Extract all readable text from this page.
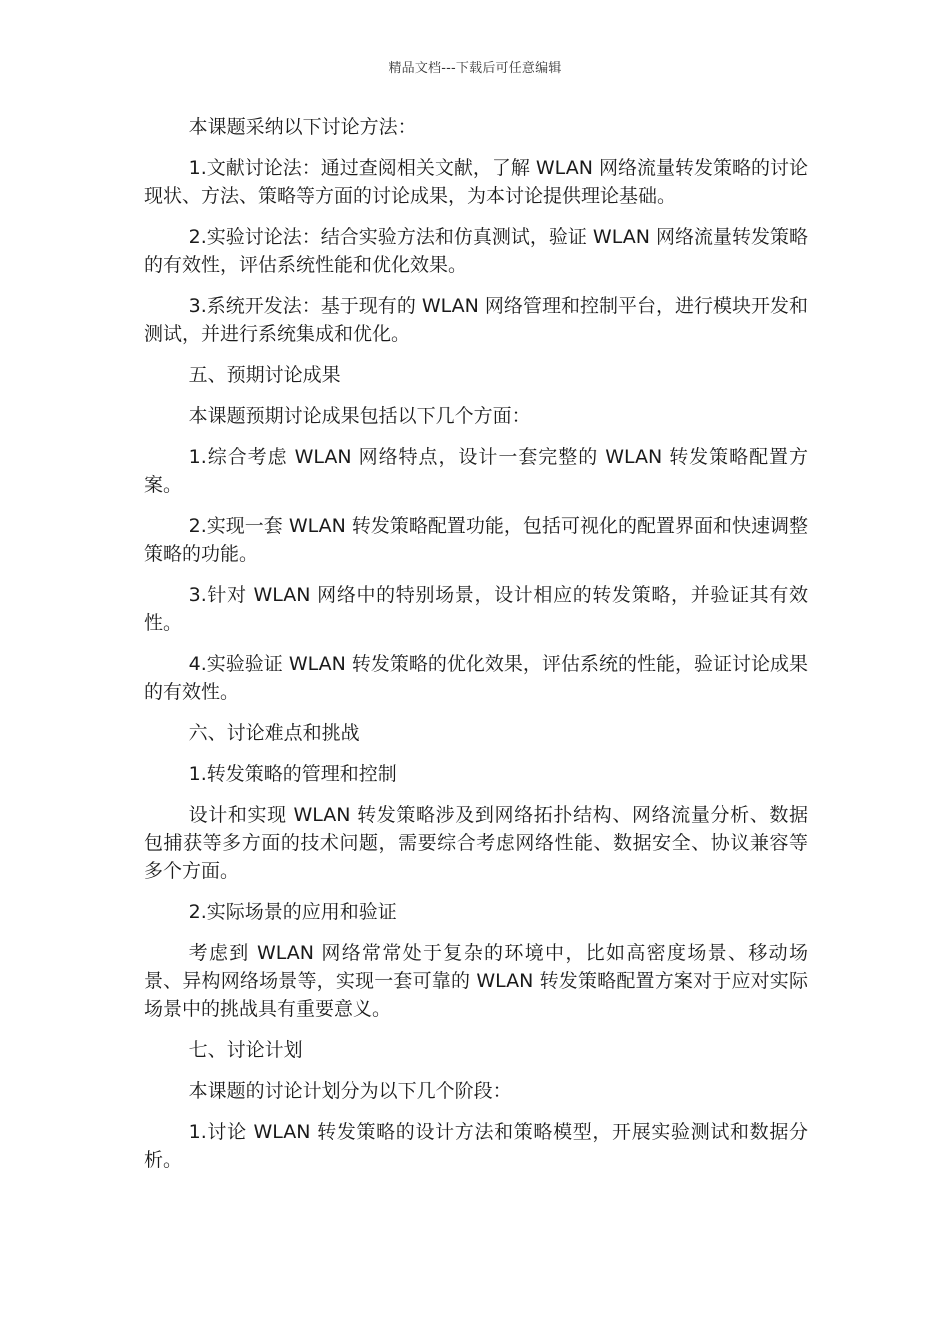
精品文档---下载后可任意编辑

本课题采纳以下讨论方法：

1.文献讨论法：通过查阅相关文献，了解 WLAN 网络流量转发策略的讨论现状、方法、策略等方面的讨论成果，为本讨论提供理论基础。

2.实验讨论法：结合实验方法和仿真测试，验证 WLAN 网络流量转发策略的有效性，评估系统性能和优化效果。

3.系统开发法：基于现有的 WLAN 网络管理和控制平台，进行模块开发和测试，并进行系统集成和优化。

五、预期讨论成果

本课题预期讨论成果包括以下几个方面：

1.综合考虑 WLAN 网络特点，设计一套完整的 WLAN 转发策略配置方案。

2.实现一套 WLAN 转发策略配置功能，包括可视化的配置界面和快速调整策略的功能。

3.针对 WLAN 网络中的特别场景，设计相应的转发策略，并验证其有效性。

4.实验验证 WLAN 转发策略的优化效果，评估系统的性能，验证讨论成果的有效性。

六、讨论难点和挑战

1.转发策略的管理和控制

设计和实现 WLAN 转发策略涉及到网络拓扑结构、网络流量分析、数据包捕获等多方面的技术问题，需要综合考虑网络性能、数据安全、协议兼容等多个方面。

2.实际场景的应用和验证

考虑到 WLAN 网络常常处于复杂的环境中，比如高密度场景、移动场景、异构网络场景等，实现一套可靠的 WLAN 转发策略配置方案对于应对实际场景中的挑战具有重要意义。

七、讨论计划

本课题的讨论计划分为以下几个阶段：

1.讨论 WLAN 转发策略的设计方法和策略模型，开展实验测试和数据分析。
